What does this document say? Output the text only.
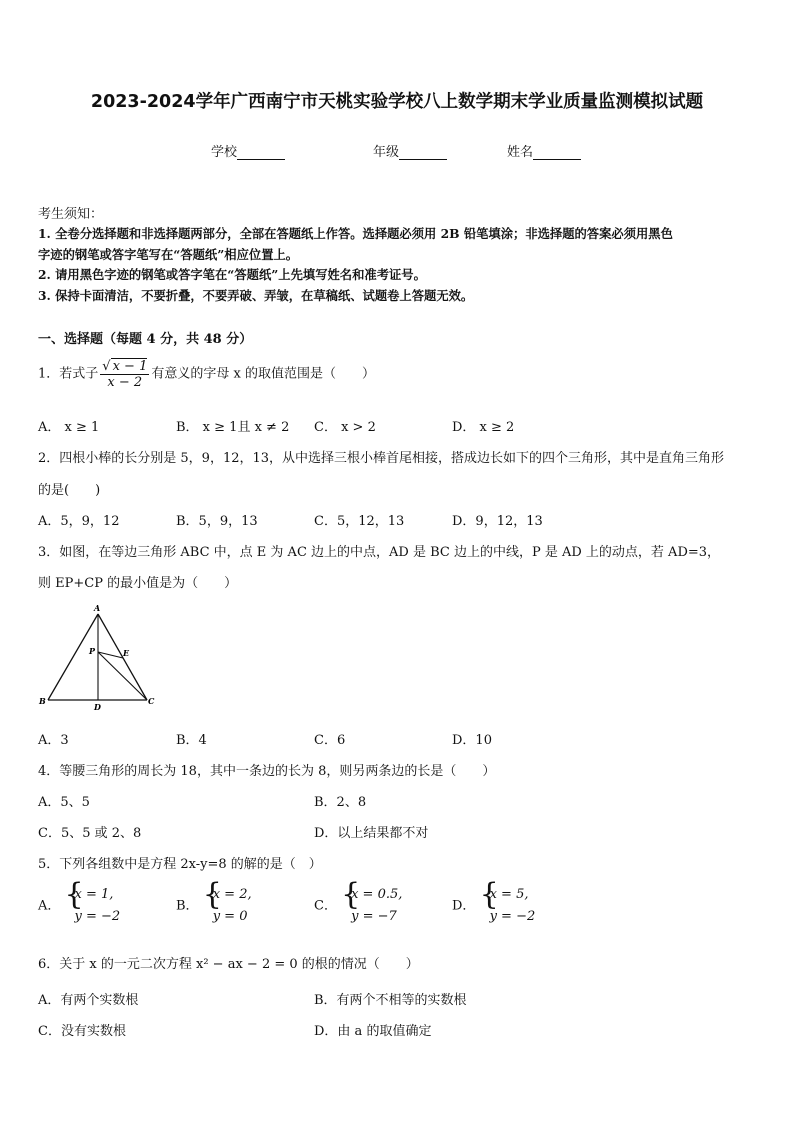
2023-2024学年广西南宁市天桃实验学校八上数学期末学业质量监测模拟试题
学校	年级	姓名
考生须知：
1. 全卷分选择题和非选择题两部分，全部在答题纸上作答。选择题必须用 2B 铅笔填涂；非选择题的答案必须用黑色
字迹的钢笔或答字笔写在“答题纸”相应位置上。
2. 请用黑色字迹的钢笔或答字笔在“答题纸”上先填写姓名和准考证号。
3. 保持卡面清洁，不要折叠，不要弄破、弄皱，在草稿纸、试题卷上答题无效。
一、选择题（每题 4 分，共 48 分）
1．若式子 $\frac{√ x - 1}{x - 2}$ 有意义的字母 x 的取值范围是（　　）
A． x ≥ 1	B． x ≥ 1且 x ≠ 2 C． x > 2	D． x ≥ 2
2．四根小棒的长分别是 5，9，12，13，从中选择三根小棒首尾相接，搭成边长如下的四个三角形，其中是直角三角形
的是(　　)
A．5，9，12	B．5，9，13	C．5，12，13	D．9，12，13
3．如图，在等边三角形 ABC 中，点 E 为 AC 边上的中点，AD 是 BC 边上的中线，P 是 AD 上的动点，若 AD=3，
则 EP+CP 的最小值是为（　　）
A
B	C
D
E
P
A．3	B．4	C．6	D．10
4．等腰三角形的周长为 18，其中一条边的长为 8，则另两条边的长是（　　）
A．5、5	B．2、8
C．5、5 或 2、8	D．以上结果都不对
5．下列各组数中是方程 2x-y=8 的解的是（　）
A． {
x = 1,
y = −2
B． {
x = 2,
y = 0
C． {
x = 0.5,
y = −7
D． {
x = 5,
y = −2
6．关于 x 的一元二次方程 x² − ax − 2 = 0 的根的情况（　　）
A．有两个实数根	B．有两个不相等的实数根
C．没有实数根	D．由 a 的取值确定
